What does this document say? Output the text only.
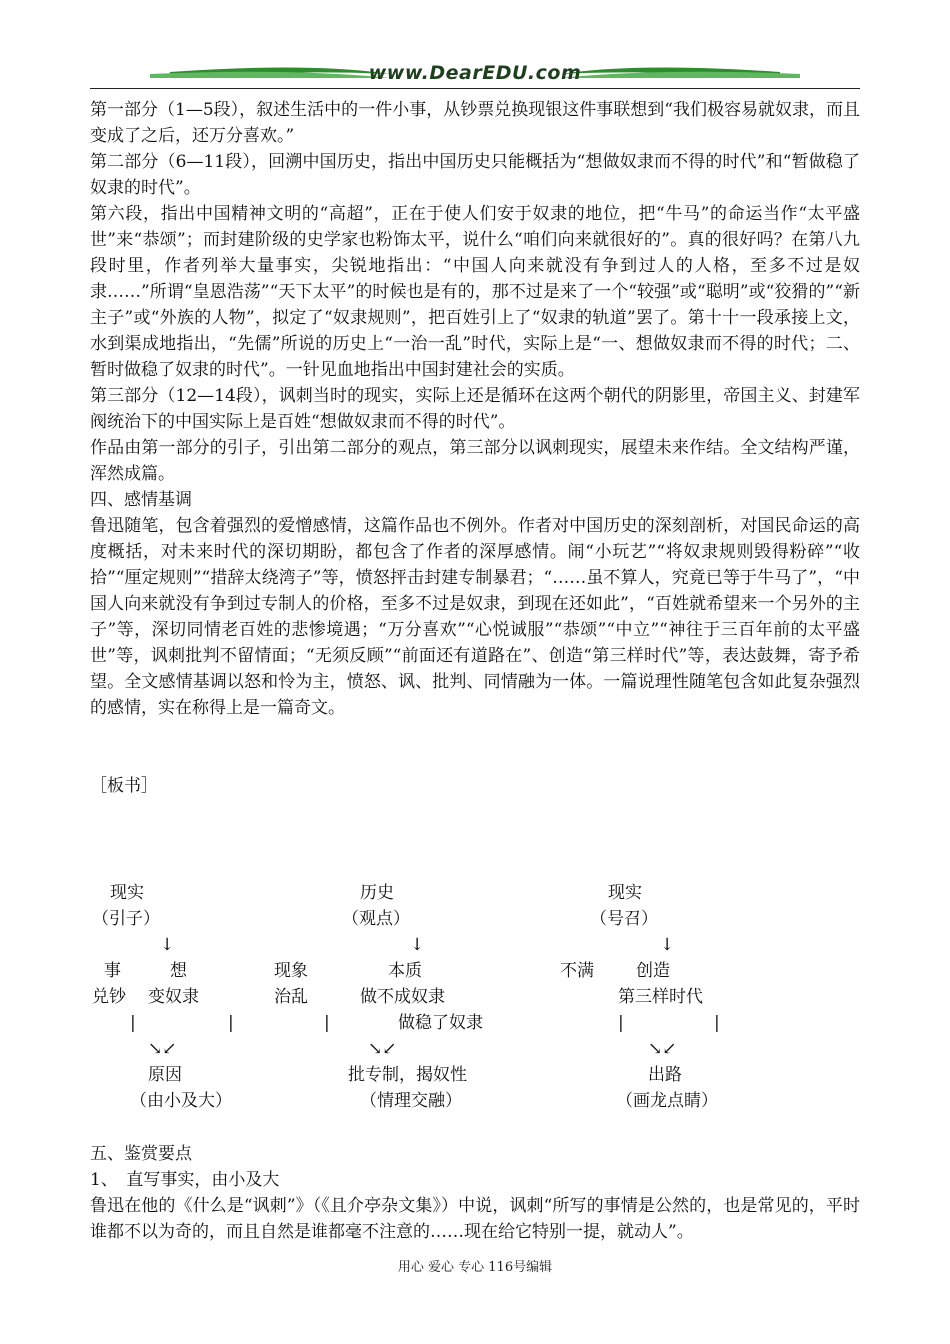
www.DearEDU.com

第一部分（1—5段），叙述生活中的一件小事，从钞票兑换现银这件事联想到“我们极容易就奴隶，而且变成了之后，还万分喜欢。”

第二部分（6—11段），回溯中国历史，指出中国历史只能概括为“想做奴隶而不得的时代”和“暂做稳了奴隶的时代”。

第六段，指出中国精神文明的“高超”，正在于使人们安于奴隶的地位，把“牛马”的命运当作“太平盛世”来“恭颂”；而封建阶级的史学家也粉饰太平，说什么“咱们向来就很好的”。真的很好吗？在第八九段时里，作者列举大量事实，尖锐地指出：“中国人向来就没有争到过人的人格，至多不过是奴隶……”所谓“皇恩浩荡”“天下太平”的时候也是有的，那不过是来了一个“较强”或“聪明”或“狡猾的”“新主子”或“外族的人物”，拟定了“奴隶规则”，把百姓引上了“奴隶的轨道”罢了。第十十一段承接上文，水到渠成地指出，“先儒”所说的历史上“一治一乱”时代，实际上是“一、想做奴隶而不得的时代；二、暂时做稳了奴隶的时代”。一针见血地指出中国封建社会的实质。

第三部分（12—14段），讽刺当时的现实，实际上还是循环在这两个朝代的阴影里，帝国主义、封建军阀统治下的中国实际上是百姓“想做奴隶而不得的时代”。

作品由第一部分的引子，引出第二部分的观点，第三部分以讽刺现实，展望未来作结。全文结构严谨，浑然成篇。

四、感情基调

鲁迅随笔，包含着强烈的爱憎感情，这篇作品也不例外。作者对中国历史的深刻剖析，对国民命运的高度概括，对未来时代的深切期盼，都包含了作者的深厚感情。闹“小玩艺”“将奴隶规则毁得粉碎”“收拾”“厘定规则”“措辞太绕湾子”等，愤怒抨击封建专制暴君；“……虽不算人，究竟已等于牛马了”，“中国人向来就没有争到过专制人的价格，至多不过是奴隶，到现在还如此”，“百姓就希望来一个另外的主子”等，深切同情老百姓的悲惨境遇；“万分喜欢”“心悦诚服”“恭颂”“中立”“神往于三百年前的太平盛世”等，讽刺批判不留情面；“无须反顾”“前面还有道路在”、创造“第三样时代”等，表达鼓舞，寄予希望。全文感情基调以怒和怜为主，愤怒、讽、批判、同情融为一体。一篇说理性随笔包含如此复杂强烈的感情，实在称得上是一篇奇文。

［板书］

现实
（引子）
↓
事
兑钞
想
变奴隶
|	|
↘↙
原因
（由小及大）
历史
（观点）
↓
现象
治乱
本质
做不成奴隶
做稳了奴隶
|
↘↙
批专制，揭奴性
（情理交融）
现实
（号召）
↓
不满 创造
第三样时代
|	|
↘↙
出路
（画龙点睛）

五、鉴赏要点

1、　直写事实，由小及大

鲁迅在他的《什么是“讽刺”》（《且介亭杂文集》）中说，讽刺“所写的事情是公然的，也是常见的，平时谁都不以为奇的，而且自然是谁都毫不注意的……现在给它特别一提，就动人”。

用心 爱心 专心 116号编辑
